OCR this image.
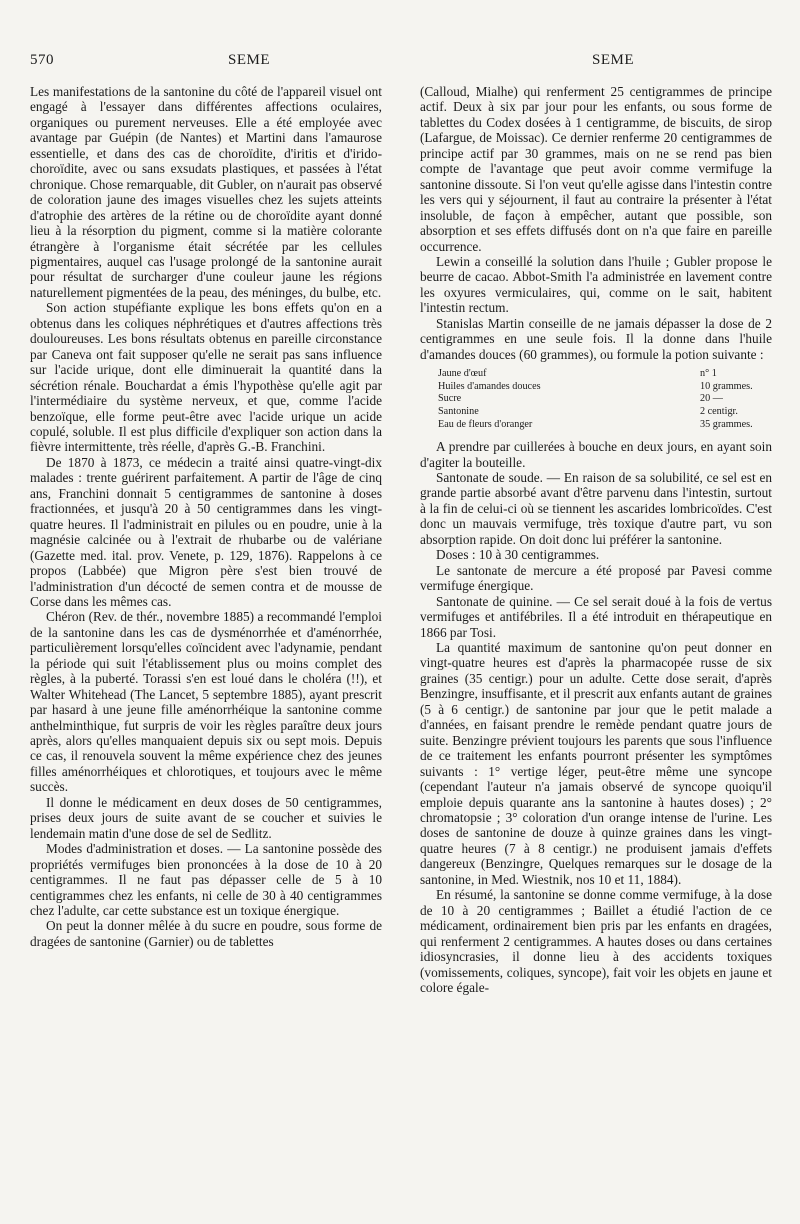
570	SEME	SEME

Les manifestations de la santonine du côté de l'appareil visuel ont engagé à l'essayer dans différentes affections oculaires, organiques ou purement nerveuses. Elle a été employée avec avantage par Guépin (de Nantes) et Martini dans l'amaurose essentielle, et dans des cas de choroïdite, d'iritis et d'irido-choroïdite, avec ou sans exsudats plastiques, et passées à l'état chronique. Chose remarquable, dit Gubler, on n'aurait pas observé de coloration jaune des images visuelles chez les sujets atteints d'atrophie des artères de la rétine ou de choroïdite ayant donné lieu à la résorption du pigment, comme si la matière colorante étrangère à l'organisme était sécrétée par les cellules pigmentaires, auquel cas l'usage prolongé de la santonine aurait pour résultat de surcharger d'une couleur jaune les régions naturellement pigmentées de la peau, des méninges, du bulbe, etc.

Son action stupéfiante explique les bons effets qu'on en a obtenus dans les coliques néphrétiques et d'autres affections très douloureuses. Les bons résultats obtenus en pareille circonstance par Caneva ont fait supposer qu'elle ne serait pas sans influence sur l'acide urique, dont elle diminuerait la quantité dans la sécrétion rénale. Bouchardat a émis l'hypothèse qu'elle agit par l'intermédiaire du système nerveux, et que, comme l'acide benzoïque, elle forme peut-être avec l'acide urique un acide copulé, soluble. Il est plus difficile d'expliquer son action dans la fièvre intermittente, très réelle, d'après G.-B. Franchini.

De 1870 à 1873, ce médecin a traité ainsi quatre-vingt-dix malades : trente guérirent parfaitement. A partir de l'âge de cinq ans, Franchini donnait 5 centigrammes de santonine à doses fractionnées, et jusqu'à 20 à 50 centigrammes dans les vingt-quatre heures. Il l'administrait en pilules ou en poudre, unie à la magnésie calcinée ou à l'extrait de rhubarbe ou de valériane (Gazette med. ital. prov. Venete, p. 129, 1876). Rappelons à ce propos (Labbée) que Migron père s'est bien trouvé de l'administration d'un décocté de semen contra et de mousse de Corse dans les mêmes cas.

Chéron (Rev. de thér., novembre 1885) a recommandé l'emploi de la santonine dans les cas de dysménorrhée et d'aménorrhée, particulièrement lorsqu'elles coïncident avec l'adynamie, pendant la période qui suit l'établissement plus ou moins complet des règles, à la puberté. Torassi s'en est loué dans le choléra (!!), et Walter Whitehead (The Lancet, 5 septembre 1885), ayant prescrit par hasard à une jeune fille aménorrhéique la santonine comme anthelminthique, fut surpris de voir les règles paraître deux jours après, alors qu'elles manquaient depuis six ou sept mois. Depuis ce cas, il renouvela souvent la même expérience chez des jeunes filles aménorrhéiques et chlorotiques, et toujours avec le même succès.

Il donne le médicament en deux doses de 50 centigrammes, prises deux jours de suite avant de se coucher et suivies le lendemain matin d'une dose de sel de Sedlitz.

Modes d'administration et doses. — La santonine possède des propriétés vermifuges bien prononcées à la dose de 10 à 20 centigrammes. Il ne faut pas dépasser celle de 5 à 10 centigrammes chez les enfants, ni celle de 30 à 40 centigrammes chez l'adulte, car cette substance est un toxique énergique.

On peut la donner mêlée à du sucre en poudre, sous forme de dragées de santonine (Garnier) ou de tablettes

(Calloud, Mialhe) qui renferment 25 centigrammes de principe actif. Deux à six par jour pour les enfants, ou sous forme de tablettes du Codex dosées à 1 centigramme, de biscuits, de sirop (Lafargue, de Moissac). Ce dernier renferme 20 centigrammes de principe actif par 30 grammes, mais on ne se rend pas bien compte de l'avantage que peut avoir comme vermifuge la santonine dissoute. Si l'on veut qu'elle agisse dans l'intestin contre les vers qui y séjournent, il faut au contraire la présenter à l'état insoluble, de façon à empêcher, autant que possible, son absorption et ses effets diffusés dont on n'a que faire en pareille occurrence.

Lewin a conseillé la solution dans l'huile ; Gubler propose le beurre de cacao. Abbot-Smith l'a administrée en lavement contre les oxyures vermiculaires, qui, comme on le sait, habitent l'intestin rectum.

Stanislas Martin conseille de ne jamais dépasser la dose de 2 centigrammes en une seule fois. Il la donne dans l'huile d'amandes douces (60 grammes), ou formule la potion suivante :

Jaune d'œuf	n° 1
Huiles d'amandes douces	10 grammes.
Sucre	20 —
Santonine	2 centigr.
Eau de fleurs d'oranger	35 grammes.

A prendre par cuillerées à bouche en deux jours, en ayant soin d'agiter la bouteille.

Santonate de soude. — En raison de sa solubilité, ce sel est en grande partie absorbé avant d'être parvenu dans l'intestin, surtout à la fin de celui-ci où se tiennent les ascarides lombricoïdes. C'est donc un mauvais vermifuge, très toxique d'autre part, vu son absorption rapide. On doit donc lui préférer la santonine.

Doses : 10 à 30 centigrammes.

Le santonate de mercure a été proposé par Pavesi comme vermifuge énergique.

Santonate de quinine. — Ce sel serait doué à la fois de vertus vermifuges et antifébriles. Il a été introduit en thérapeutique en 1866 par Tosi.

La quantité maximum de santonine qu'on peut donner en vingt-quatre heures est d'après la pharmacopée russe de six graines (35 centigr.) pour un adulte. Cette dose serait, d'après Benzingre, insuffisante, et il prescrit aux enfants autant de graines (5 à 6 centigr.) de santonine par jour que le petit malade a d'années, en faisant prendre le remède pendant quatre jours de suite. Benzingre prévient toujours les parents que sous l'influence de ce traitement les enfants pourront présenter les symptômes suivants : 1° vertige léger, peut-être même une syncope (cependant l'auteur n'a jamais observé de syncope quoiqu'il emploie depuis quarante ans la santonine à hautes doses) ; 2° chromatopsie ; 3° coloration d'un orange intense de l'urine. Les doses de santonine de douze à quinze graines dans les vingt-quatre heures (7 à 8 centigr.) ne produisent jamais d'effets dangereux (Benzingre, Quelques remarques sur le dosage de la santonine, in Med. Wiestnik, nos 10 et 11, 1884).

En résumé, la santonine se donne comme vermifuge, à la dose de 10 à 20 centigrammes ; Baillet a étudié l'action de ce médicament, ordinairement bien pris par les enfants en dragées, qui renferment 2 centigrammes. A hautes doses ou dans certaines idiosyncrasies, il donne lieu à des accidents toxiques (vomissements, coliques, syncope), fait voir les objets en jaune et colore égale-
